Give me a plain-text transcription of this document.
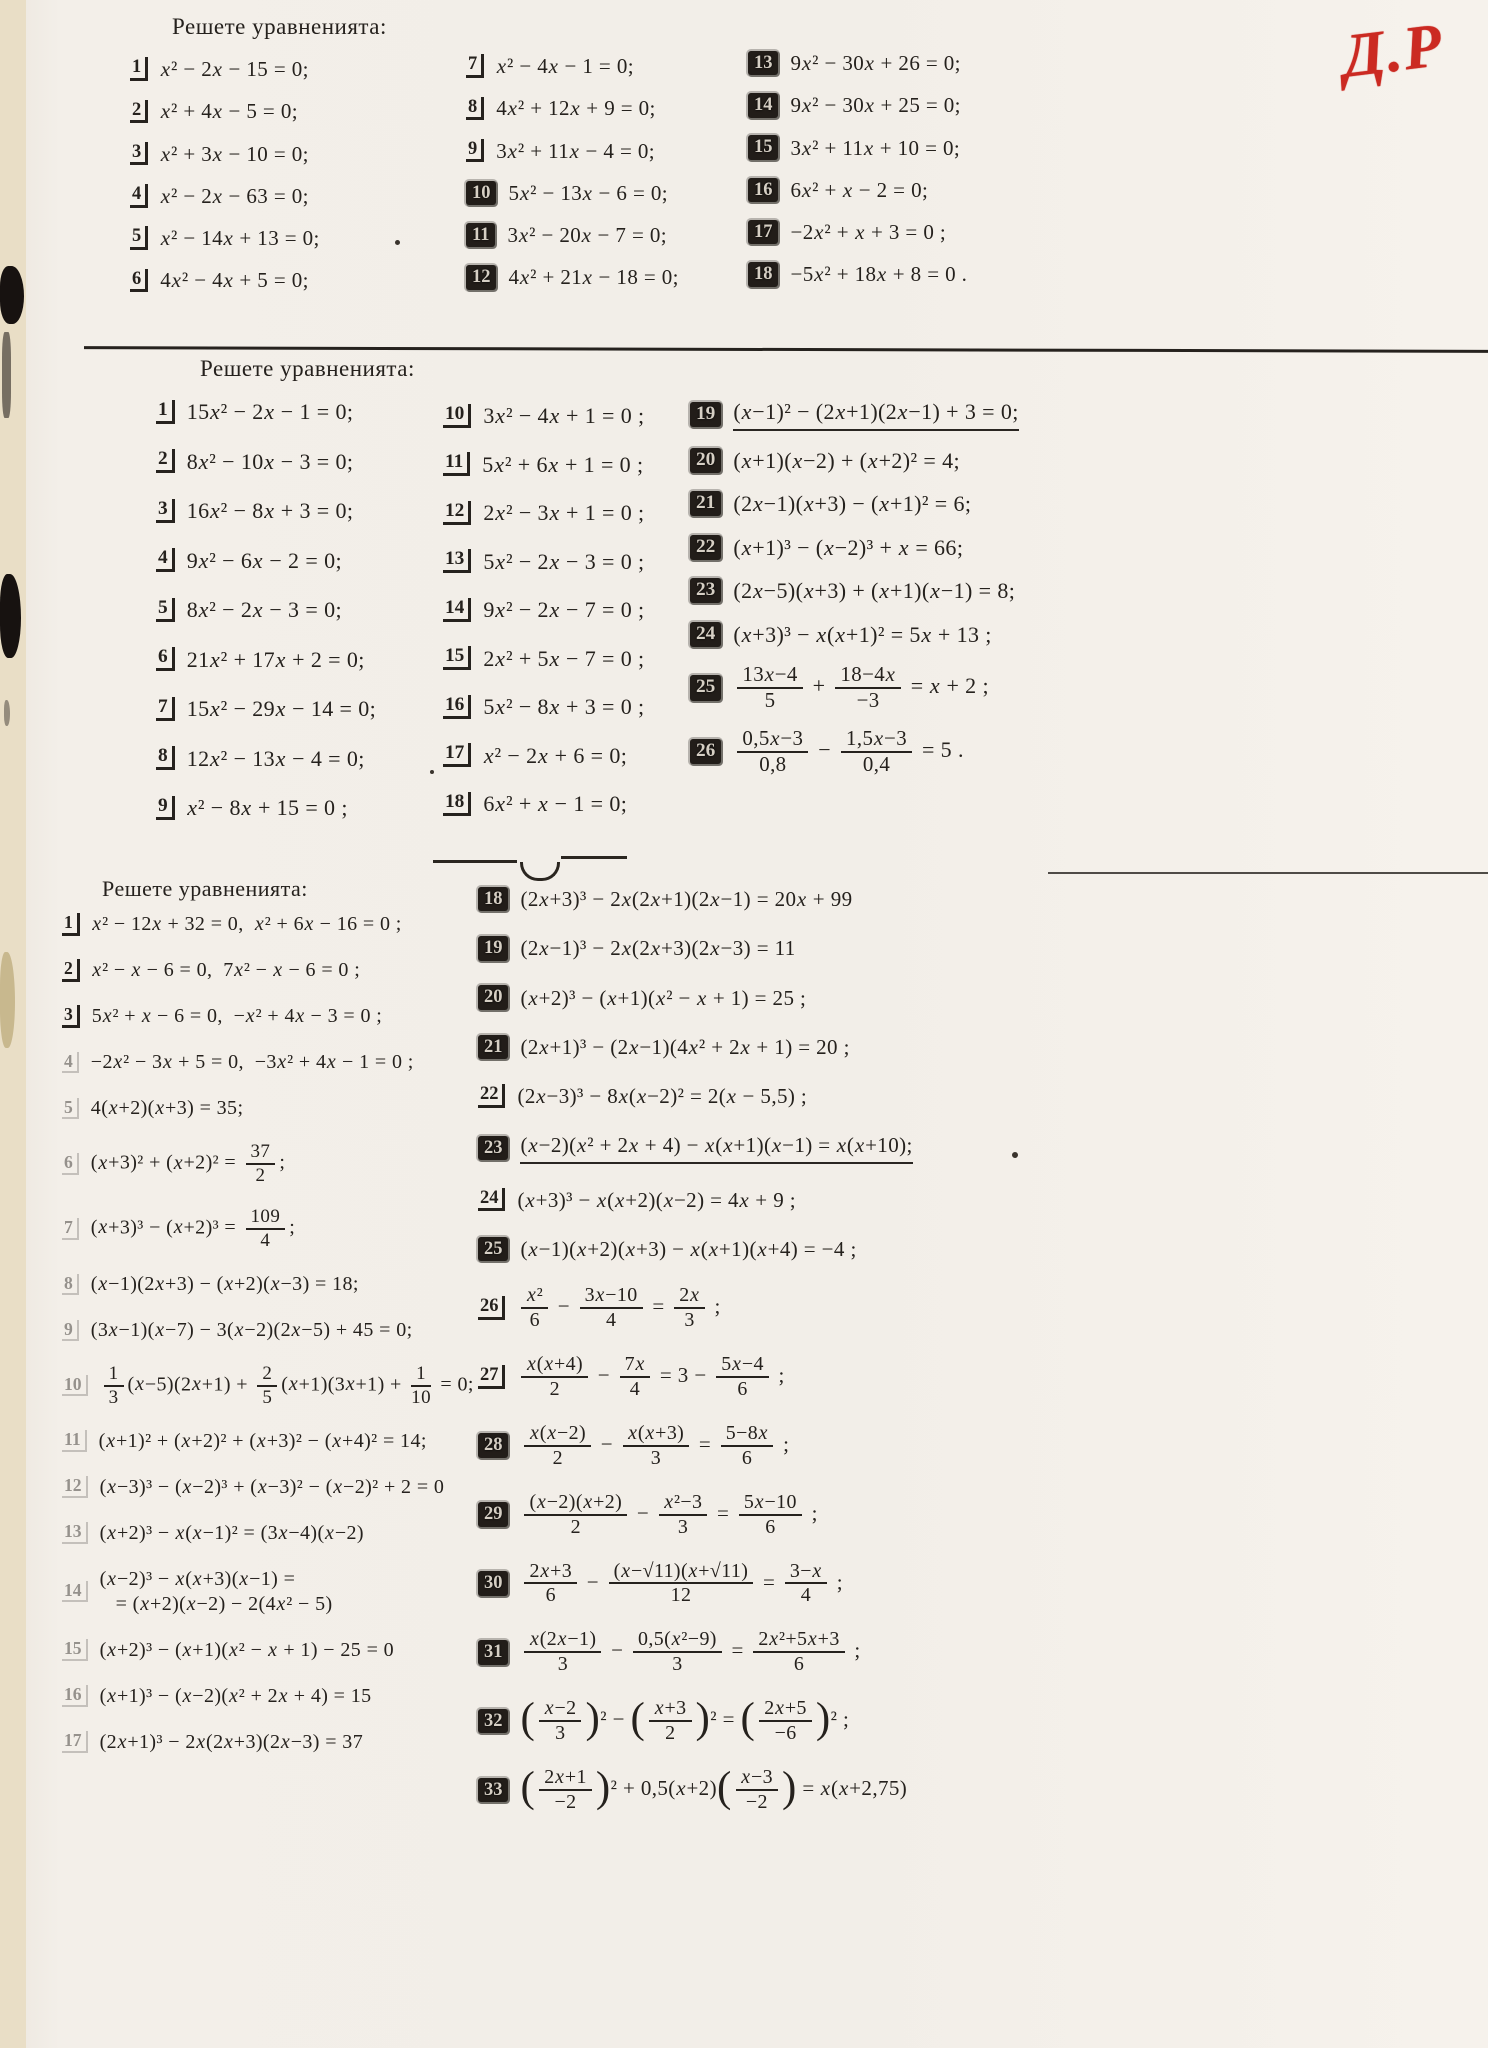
Д.Р
Решете уравненията:
1 x² − 2x − 15 = 0;
2 x² + 4x − 5 = 0;
3 x² + 3x − 10 = 0;
4 x² − 2x − 63 = 0;
5 x² − 14x + 13 = 0;
6 4x² − 4x + 5 = 0;
7 x² − 4x − 1 = 0;
8 4x² + 12x + 9 = 0;
9 3x² + 11x − 4 = 0;
10 5x² − 13x − 6 = 0;
11 3x² − 20x − 7 = 0;
12 4x² + 21x − 18 = 0;
13 9x² − 30x + 26 = 0;
14 9x² − 30x + 25 = 0;
15 3x² + 11x + 10 = 0;
16 6x² + x − 2 = 0;
17 −2x² + x + 3 = 0 ;
18 −5x² + 18x + 8 = 0 .
Решете уравненията:
1 15x² − 2x − 1 = 0;
2 8x² − 10x − 3 = 0;
3 16x² − 8x + 3 = 0;
4 9x² − 6x − 2 = 0;
5 8x² − 2x − 3 = 0;
6 21x² + 17x + 2 = 0;
7 15x² − 29x − 14 = 0;
8 12x² − 13x − 4 = 0;
9 x² − 8x + 15 = 0 ;
10 3x² − 4x + 1 = 0 ;
11 5x² + 6x + 1 = 0 ;
12 2x² − 3x + 1 = 0 ;
13 5x² − 2x − 3 = 0 ;
14 9x² − 2x − 7 = 0 ;
15 2x² + 5x − 7 = 0 ;
16 5x² − 8x + 3 = 0 ;
17 x² − 2x + 6 = 0;
18 6x² + x − 1 = 0;
19 (x−1)² − (2x+1)(2x−1) + 3 = 0;
20 (x+1)(x−2) + (x+2)² = 4;
21 (2x−1)(x+3) − (x+1)² = 6;
22 (x+1)³ − (x−2)³ + x = 66;
23 (2x−5)(x+3) + (x+1)(x−1) = 8;
24 (x+3)³ − x(x+1)² = 5x + 13 ;
$25 \frac{13x-4}{5} + \frac{18-4x}{-3} = x + 2$ ;
$26 \frac{0,5x-3}{0,8} - \frac{1,5x-3}{0,4} = 5$ .
Решете уравненията:
1 x² − 12x + 32 = 0,  x² + 6x − 16 = 0 ;
2 x² − x − 6 = 0,  7x² − x − 6 = 0 ;
3 5x² + x − 6 = 0,  −x² + 4x − 3 = 0 ;
4 −2x² − 3x + 5 = 0,  −3x² + 4x − 1 = 0 ;
5 4(x+2)(x+3) = 35;
6 $(x+3)^2 + (x+2)^2 = \frac{37}{2}$ ;
7 $(x+3)^3 - (x+2)^3 = \frac{109}{4}$ ;
8 (x−1)(2x+3) − (x+2)(x−3) = 18;
9 (3x−1)(x−7) − 3(x−2)(2x−5) + 45 = 0;
10	$\frac{1}{3} (x-5)(2x+1) + \frac{2}{5} (x+1)(3x+1) + \frac{1}{10} = 0$;
11 (x+1)² + (x+2)² + (x+3)² − (x+4)² = 14;
12 (x−3)³ − (x−2)³ + (x−3)² − (x−2)² + 2 = 0
13 (x+2)³ − x(x−1)² = (3x−4)(x−2)
14
(x−2)³ − x(x+3)(x−1) =
= (x+2)(x−2) − 2(4x² − 5)
15 (x+2)³ − (x+1)(x² − x + 1) − 25 = 0
16 (x+1)³ − (x−2)(x² + 2x + 4) = 15
17 (2x+1)³ − 2x(2x+3)(2x−3) = 37
18 (2x+3)³ − 2x(2x+1)(2x−1) = 20x + 99
19 (2x−1)³ − 2x(2x+3)(2x−3) = 11
20 (x+2)³ − (x+1)(x² − x + 1) = 25 ;
21 (2x+1)³ − (2x−1)(4x² + 2x + 1) = 20 ;
22 (2x−3)³ − 8x(x−2)² = 2(x − 5,5) ;
23 (x−2)(x² + 2x + 4) − x(x+1)(x−1) = x(x+10);
24 (x+3)³ − x(x+2)(x−2) = 4x + 9 ;
25 (x−1)(x+2)(x+3) − x(x+1)(x+4) = −4 ;
26	$\frac{\text{x²}}{6} - \frac{3x-10}{4} = \frac{2x}{3}$ ;
27	$\frac{x(x+4)}{2} - \frac{7x}{4} = 3 - \frac{5x-4}{6}$ ;
28	$\frac{x(x-2)}{2} - \frac{x(x+3)}{3} = \frac{5-8x}{6}$ ;
29	$\frac{(x-2)(x+2)}{2} - \frac{\text{x²−3}}{3} = \frac{5x-10}{6}$ ;
30	$\frac{2x+3}{6} - \frac{(x-√11)(x+√11)}{12} = \frac{3-x}{4}$ ;
31	$\frac{x(2x-1)}{3} - \frac{\text{0,5(x²−9)}}{3} = \frac{\text{2x²+5x+3}}{6}$ ;
32 ( $\frac{x-2}{3} )^2$ − ( $\frac{x+3}{2} )^2$ = ( $\frac{2x+5}{-6} )^2$ ;
33 ( $\frac{2x+1}{-2} )^2 + 0,5(x+2)( \frac{x-3}{-2}$ ) = x(x+2,75)
